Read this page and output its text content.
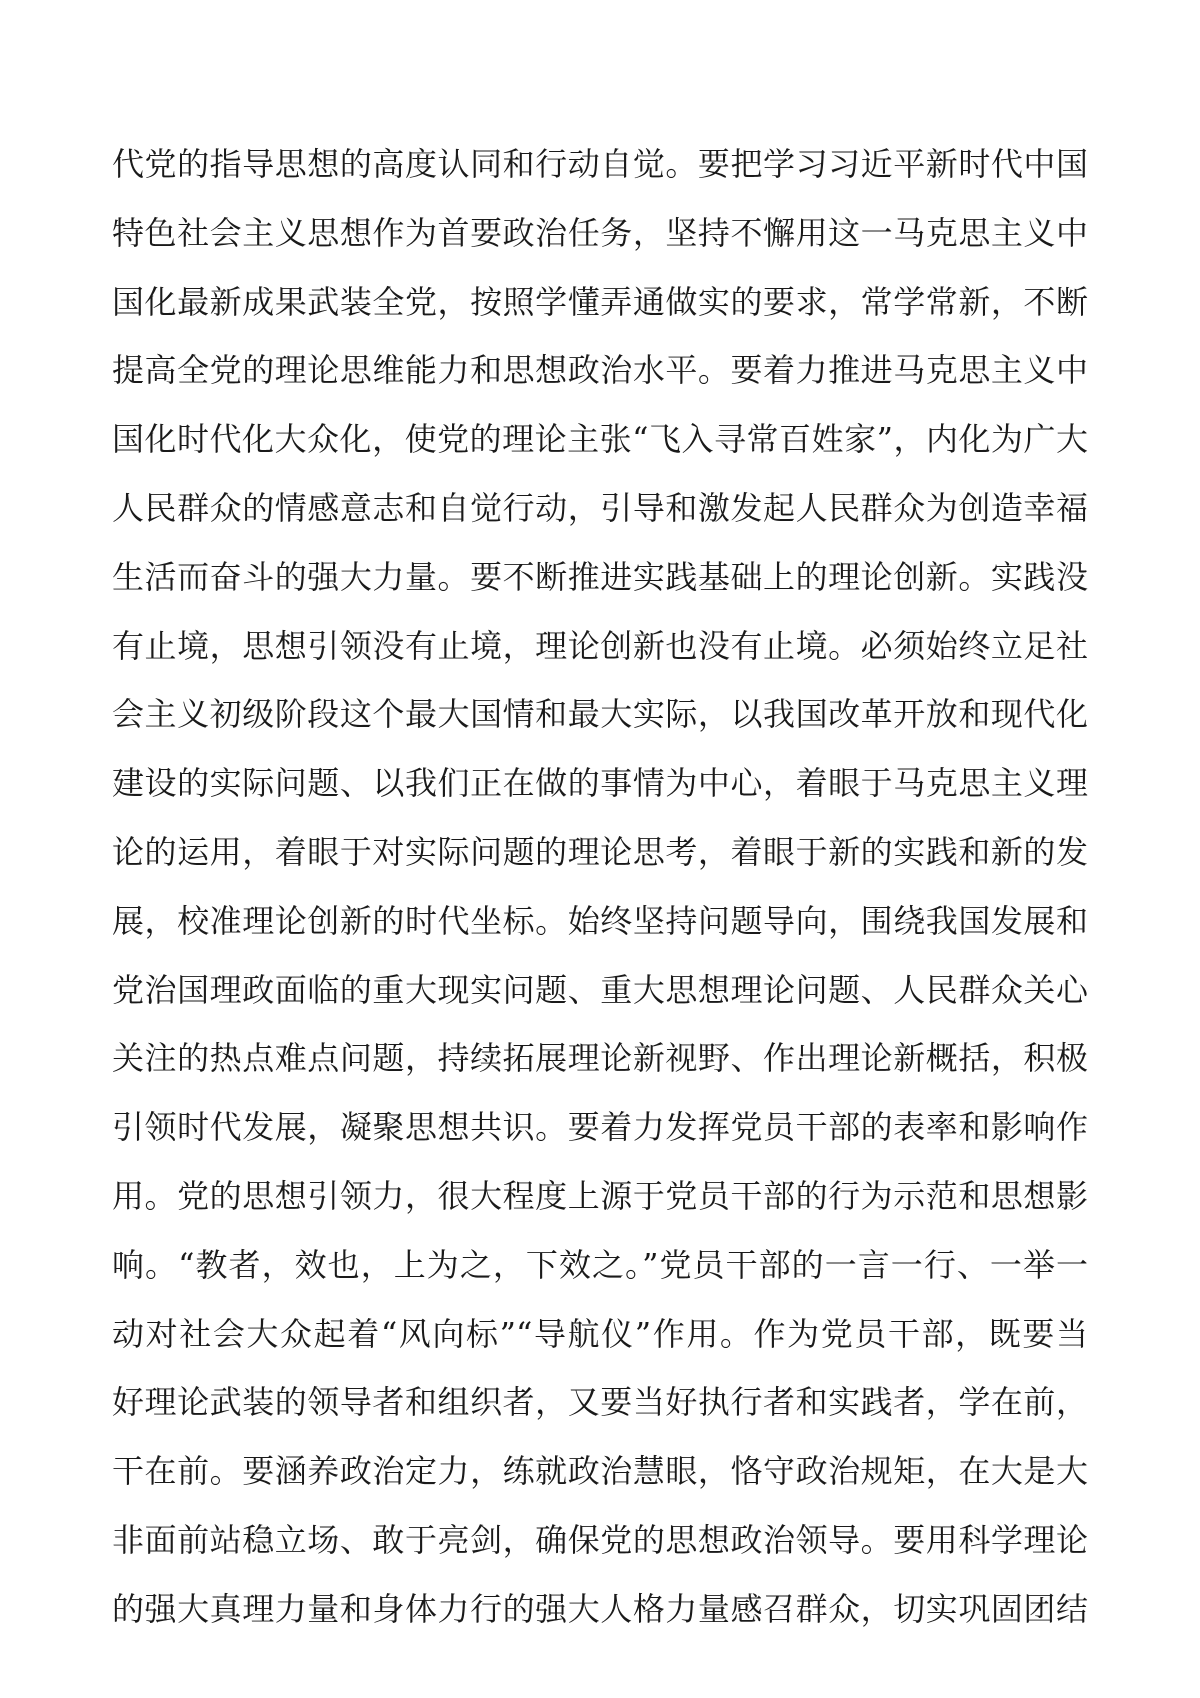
代党的指导思想的高度认同和行动自觉。要把学习习近平新时代中国
特色社会主义思想作为首要政治任务，坚持不懈用这一马克思主义中
国化最新成果武装全党，按照学懂弄通做实的要求，常学常新，不断
提高全党的理论思维能力和思想政治水平。要着力推进马克思主义中
国化时代化大众化，使党的理论主张“飞入寻常百姓家”，内化为广大
人民群众的情感意志和自觉行动，引导和激发起人民群众为创造幸福
生活而奋斗的强大力量。要不断推进实践基础上的理论创新。实践没
有止境，思想引领没有止境，理论创新也没有止境。必须始终立足社
会主义初级阶段这个最大国情和最大实际，以我国改革开放和现代化
建设的实际问题、以我们正在做的事情为中心，着眼于马克思主义理
论的运用，着眼于对实际问题的理论思考，着眼于新的实践和新的发
展，校准理论创新的时代坐标。始终坚持问题导向，围绕我国发展和
党治国理政面临的重大现实问题、重大思想理论问题、人民群众关心
关注的热点难点问题，持续拓展理论新视野、作出理论新概括，积极
引领时代发展，凝聚思想共识。要着力发挥党员干部的表率和影响作
用。党的思想引领力，很大程度上源于党员干部的行为示范和思想影
响。“教者，效也，上为之，下效之。”党员干部的一言一行、一举一
动对社会大众起着“风向标”“导航仪”作用。作为党员干部，既要当
好理论武装的领导者和组织者，又要当好执行者和实践者，学在前，
干在前。要涵养政治定力，练就政治慧眼，恪守政治规矩，在大是大
非面前站稳立场、敢于亮剑，确保党的思想政治领导。要用科学理论
的强大真理力量和身体力行的强大人格力量感召群众，切实巩固团结
